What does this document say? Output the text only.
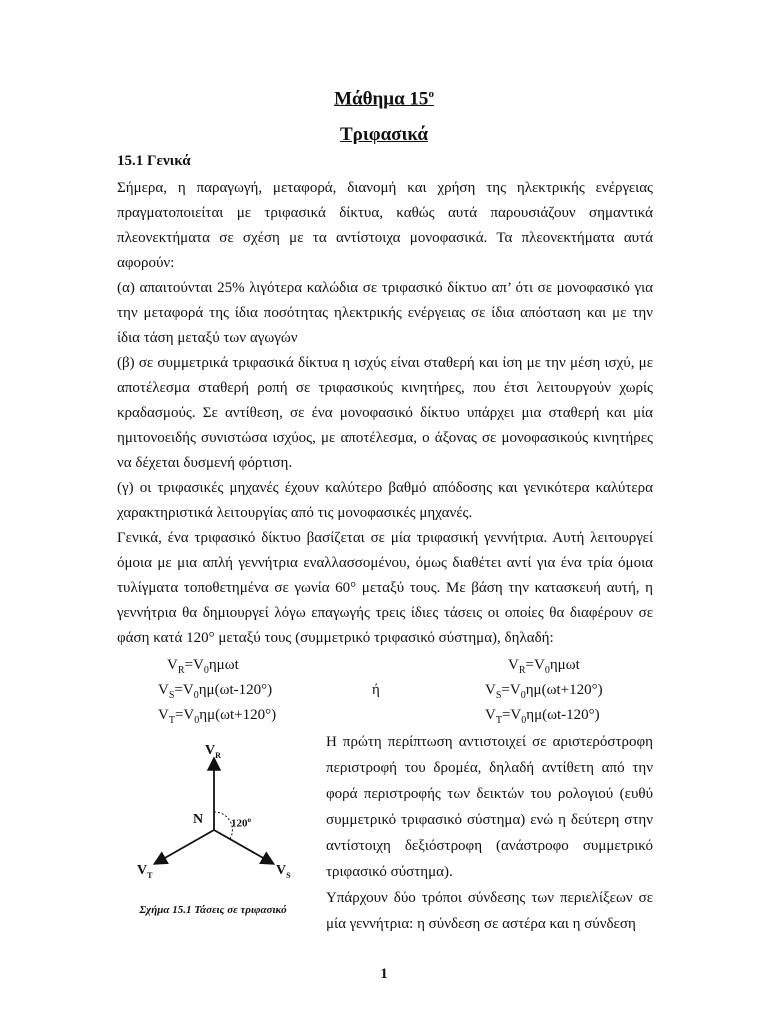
Μάθημα $15^o$
Τριφασικά
15.1 Γενικά

Σήμερα, η παραγωγή, μεταφορά, διανομή και χρήση της ηλεκτρικής ενέργειας πραγματοποιείται με τριφασικά δίκτυα, καθώς αυτά παρουσιάζουν σημαντικά πλεονεκτήματα σε σχέση με τα αντίστοιχα μονοφασικά. Τα πλεονεκτήματα αυτά αφορούν:

(α) απαιτούνται 25% λιγότερα καλώδια σε τριφασικό δίκτυο απ’ ότι σε μονοφασικό για την μεταφορά της ίδια ποσότητας ηλεκτρικής ενέργειας σε ίδια απόσταση και με την ίδια τάση μεταξύ των αγωγών

(β) σε συμμετρικά τριφασικά δίκτυα η ισχύς είναι σταθερή και ίση με την μέση ισχύ, με αποτέλεσμα σταθερή ροπή σε τριφασικούς κινητήρες, που έτσι λειτουργούν χωρίς κραδασμούς. Σε αντίθεση, σε ένα μονοφασικό δίκτυο υπάρχει μια σταθερή και μία ημιτονοειδής συνιστώσα ισχύος, με αποτέλεσμα, ο άξονας σε μονοφασικούς κινητήρες να δέχεται δυσμενή φόρτιση.

(γ) οι τριφασικές μηχανές έχουν καλύτερο βαθμό απόδοσης και γενικότερα καλύτερα χαρακτηριστικά λειτουργίας από τις μονοφασικές μηχανές.

Γενικά, ένα τριφασικό δίκτυο βασίζεται σε μία τριφασική γεννήτρια. Αυτή λειτουργεί όμοια με μια απλή γεννήτρια εναλλασσομένου, όμως διαθέτει αντί για ένα τρία όμοια τυλίγματα τοποθετημένα σε γωνία 60° μεταξύ τους. Με βάση την κατασκευή αυτή, η γεννήτρια θα δημιουργεί λόγω επαγωγής τρεις ίδιες τάσεις οι οποίες θα διαφέρουν σε φάση κατά 120° μεταξύ τους (συμμετρικό τριφασικό σύστημα), δηλαδή:

$V_R=V_0\eta\mu\omega t$
$V_S=V_0\eta\mu(\omega t-120^\circ)$
$V_T=V_0\eta\mu(\omega t+120^\circ)$
ή
$V_R=V_0\eta\mu\omega t$
$V_S=V_0\eta\mu(\omega t+120^\circ)$
$V_T=V_0\eta\mu(\omega t-120^\circ)$
$V_R$
N	$120^o$
$V_T$	$V_S$
Σχήμα 15.1 Τάσεις σε τριφασικό

Η πρώτη περίπτωση αντιστοιχεί σε αριστερόστροφη περιστροφή του δρομέα, δηλαδή αντίθετη από την φορά περιστροφής των δεικτών του ρολογιού (ευθύ συμμετρικό τριφασικό σύστημα) ενώ η δεύτερη στην αντίστοιχη δεξιόστροφη (ανάστροφο συμμετρικό τριφασικό σύστημα).

Υπάρχουν δύο τρόποι σύνδεσης των περιελίξεων σε μία γεννήτρια: η σύνδεση σε αστέρα και η σύνδεση

1
